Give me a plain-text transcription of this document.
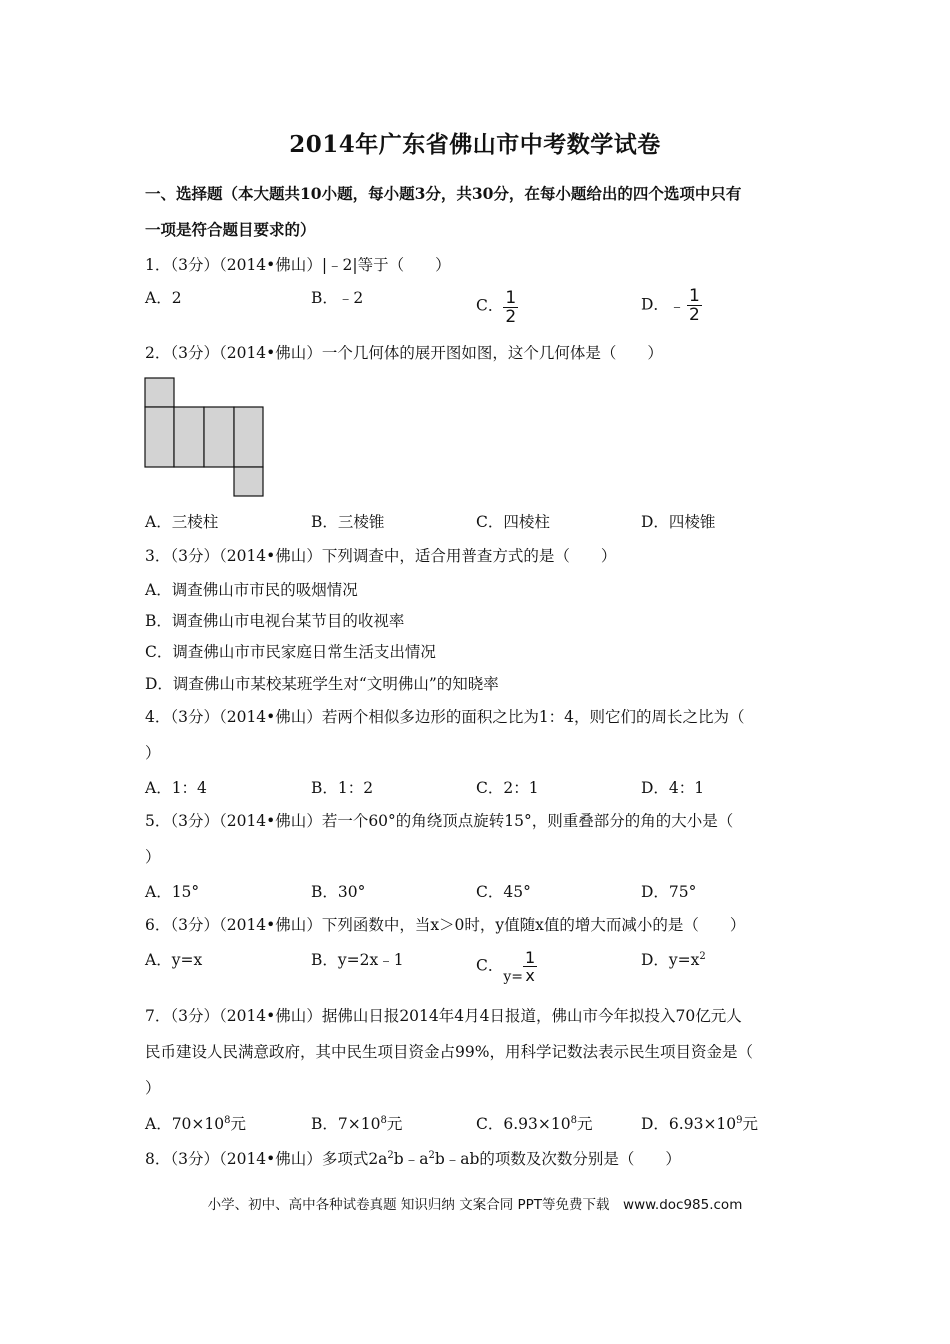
2014年广东省佛山市中考数学试卷
一、选择题（本大题共10小题，每小题3分，共30分，在每小题给出的四个选项中只有
一项是符合题目要求的）
1．（3分）（2014•佛山）|﹣2|等于（　　）
A．2	B．﹣2	C． $\frac{1}{2}$	D．﹣ $\frac{1}{2}$
2．（3分）（2014•佛山）一个几何体的展开图如图，这个几何体是（　　）
A．三棱柱	B．三棱锥	C．四棱柱	D．四棱锥
3．（3分）（2014•佛山）下列调查中，适合用普查方式的是（　　）
A．调查佛山市市民的吸烟情况
B．调查佛山市电视台某节目的收视率
C．调查佛山市市民家庭日常生活支出情况
D．调查佛山市某校某班学生对“文明佛山”的知晓率
4．（3分）（2014•佛山）若两个相似多边形的面积之比为1：4，则它们的周长之比为（
）
A．1：4	B．1：2	C．2：1	D．4：1
5．（3分）（2014•佛山）若一个60°的角绕顶点旋转15°，则重叠部分的角的大小是（
）
A．15°	B．30°	C．45°	D．75°
6．（3分）（2014•佛山）下列函数中，当x＞0时，y值随x值的增大而减小的是（　　）
A．y=x	B．y=2x﹣1	C．$y= \frac{1}{x}$	D．$y=x^2$
7．（3分）（2014•佛山）据佛山日报2014年4月4日报道，佛山市今年拟投入70亿元人
民币建设人民满意政府，其中民生项目资金占99%，用科学记数法表示民生项目资金是（
）
A．$70\times 10^8$元	B．$7\times 10^8$元	C．$6.93\times 10^8$元	D．$6.93\times 10^9$元
8．（3分）（2014•佛山）多项式$2a^2b﹣a^2b﹣ab$的项数及次数分别是（　　）
小学、初中、高中各种试卷真题 知识归纳 文案合同 PPT等免费下载　www.doc985.com
